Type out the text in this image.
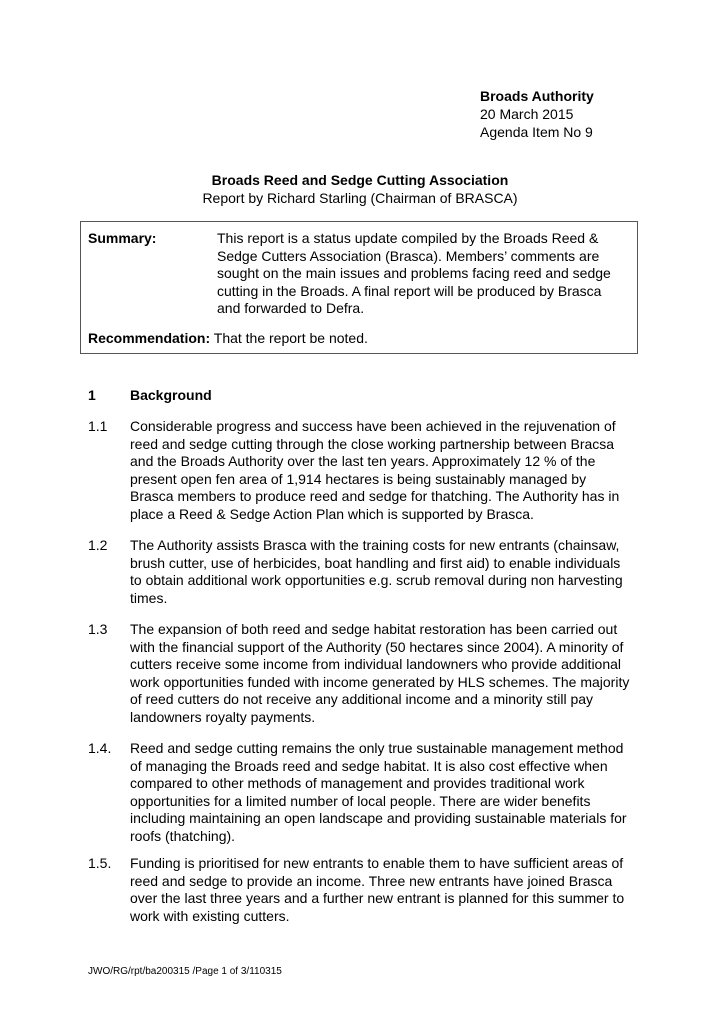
Broads Authority
20 March 2015
Agenda Item No 9
Broads Reed and Sedge Cutting Association
Report by Richard Starling (Chairman of BRASCA)
Summary:	This report is a status update compiled by the Broads Reed & Sedge Cutters Association (Brasca). Members’ comments are sought on the main issues and problems facing reed and sedge cutting in the Broads. A final report will be produced by Brasca and forwarded to Defra.
Recommendation: That the report be noted.
1 Background
1.1 Considerable progress and success have been achieved in the rejuvenation of reed and sedge cutting through the close working partnership between Bracsa and the Broads Authority over the last ten years. Approximately 12 % of the present open fen area of 1,914 hectares is being sustainably managed by Brasca members to produce reed and sedge for thatching. The Authority has in place a Reed & Sedge Action Plan which is supported by Brasca.
1.2 The Authority assists Brasca with the training costs for new entrants (chainsaw, brush cutter, use of herbicides, boat handling and first aid) to enable individuals to obtain additional work opportunities e.g. scrub removal during non harvesting times.
1.3 The expansion of both reed and sedge habitat restoration has been carried out with the financial support of the Authority (50 hectares since 2004). A minority of cutters receive some income from individual landowners who provide additional work opportunities funded with income generated by HLS schemes. The majority of reed cutters do not receive any additional income and a minority still pay landowners royalty payments.
1.4. Reed and sedge cutting remains the only true sustainable management method of managing the Broads reed and sedge habitat. It is also cost effective when compared to other methods of management and provides traditional work opportunities for a limited number of local people. There are wider benefits including maintaining an open landscape and providing sustainable materials for roofs (thatching).
1.5. Funding is prioritised for new entrants to enable them to have sufficient areas of reed and sedge to provide an income. Three new entrants have joined Brasca over the last three years and a further new entrant is planned for this summer to work with existing cutters.
JWO/RG/rpt/ba200315 /Page 1 of 3/110315
